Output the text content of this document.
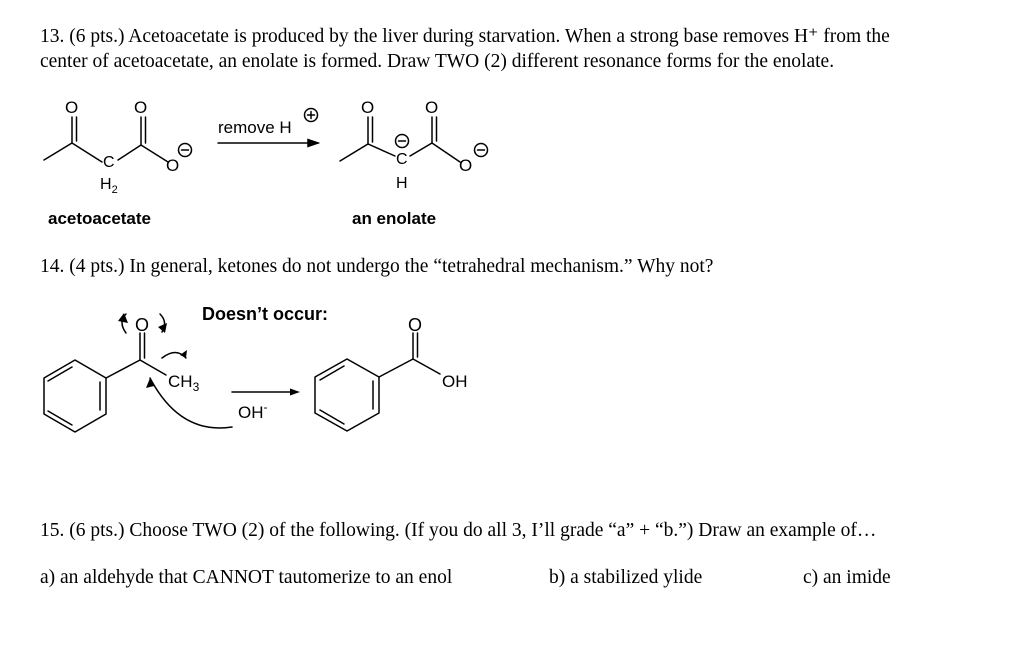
13. (6 pts.) Acetoacetate is produced by the liver during starvation. When a strong base removes H⁺ from the
center of acetoacetate, an enolate is formed. Draw TWO (2) different resonance forms for the enolate.
O	O
C
$H_2$
O
remove H
O	O
C
H
O
acetoacetate	an enolate
14. (4 pts.) In general, ketones do not undergo the “tetrahedral mechanism.” Why not?
Doesn’t occur:
O
$CH_3$
OH-
O
OH
15. (6 pts.) Choose TWO (2) of the following. (If you do all 3, I’ll grade “a” + “b.”) Draw an example of…
a) an aldehyde that CANNOT tautomerize to an enol	b) a stabilized ylide	c) an imide
